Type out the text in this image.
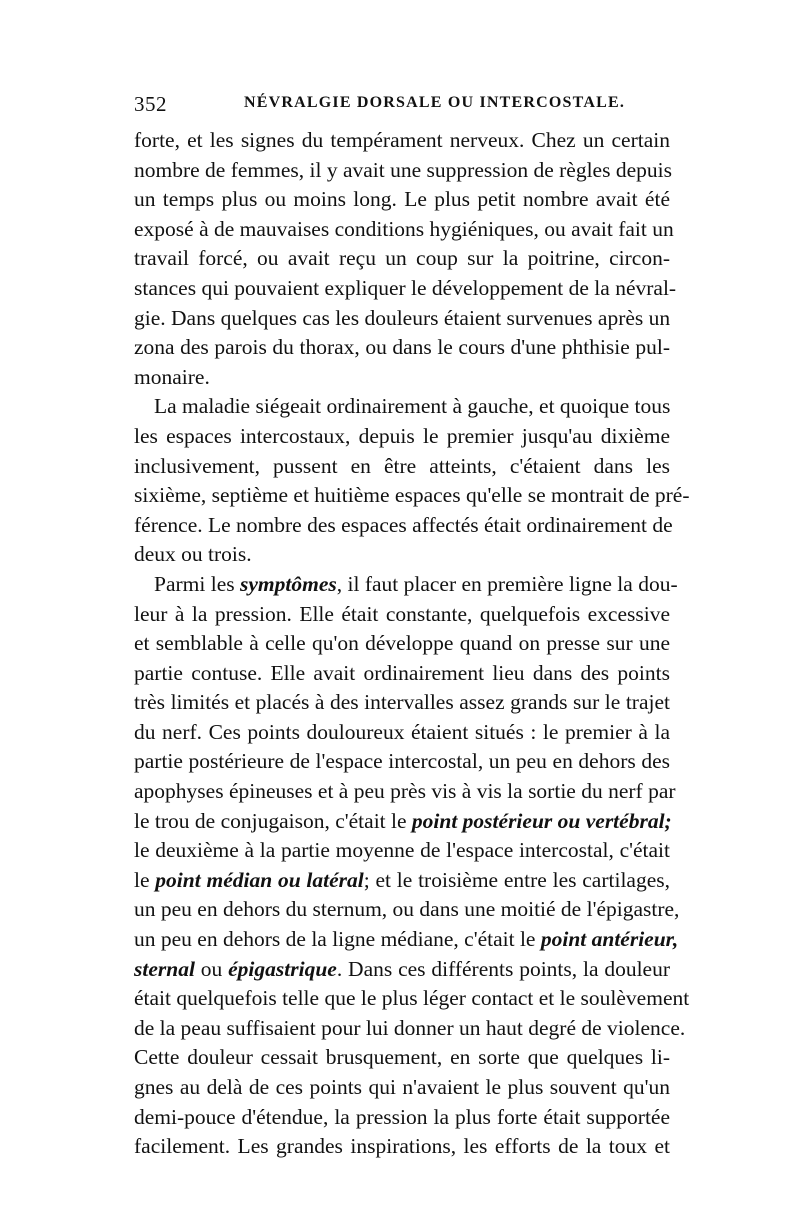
352	NÉVRALGIE DORSALE OU INTERCOSTALE.
forte, et les signes du tempérament nerveux. Chez un certain
nombre de femmes, il y avait une suppression de règles depuis
un temps plus ou moins long. Le plus petit nombre avait été
exposé à de mauvaises conditions hygiéniques, ou avait fait un
travail forcé, ou avait reçu un coup sur la poitrine, circon-
stances qui pouvaient expliquer le développement de la névral-
gie. Dans quelques cas les douleurs étaient survenues après un
zona des parois du thorax, ou dans le cours d'une phthisie pul-
monaire.
La maladie siégeait ordinairement à gauche, et quoique tous
les espaces intercostaux, depuis le premier jusqu'au dixième
inclusivement, pussent en être atteints, c'étaient dans les
sixième, septième et huitième espaces qu'elle se montrait de pré-
férence. Le nombre des espaces affectés était ordinairement de
deux ou trois.
Parmi les symptômes, il faut placer en première ligne la dou-
leur à la pression. Elle était constante, quelquefois excessive
et semblable à celle qu'on développe quand on presse sur une
partie contuse. Elle avait ordinairement lieu dans des points
très limités et placés à des intervalles assez grands sur le trajet
du nerf. Ces points douloureux étaient situés : le premier à la
partie postérieure de l'espace intercostal, un peu en dehors des
apophyses épineuses et à peu près vis à vis la sortie du nerf par
le trou de conjugaison, c'était le point postérieur ou vertébral;
le deuxième à la partie moyenne de l'espace intercostal, c'était
le point médian ou latéral; et le troisième entre les cartilages,
un peu en dehors du sternum, ou dans une moitié de l'épigastre,
un peu en dehors de la ligne médiane, c'était le point antérieur,
sternal ou épigastrique. Dans ces différents points, la douleur
était quelquefois telle que le plus léger contact et le soulèvement
de la peau suffisaient pour lui donner un haut degré de violence.
Cette douleur cessait brusquement, en sorte que quelques li-
gnes au delà de ces points qui n'avaient le plus souvent qu'un
demi-pouce d'étendue, la pression la plus forte était supportée
facilement. Les grandes inspirations, les efforts de la toux et
